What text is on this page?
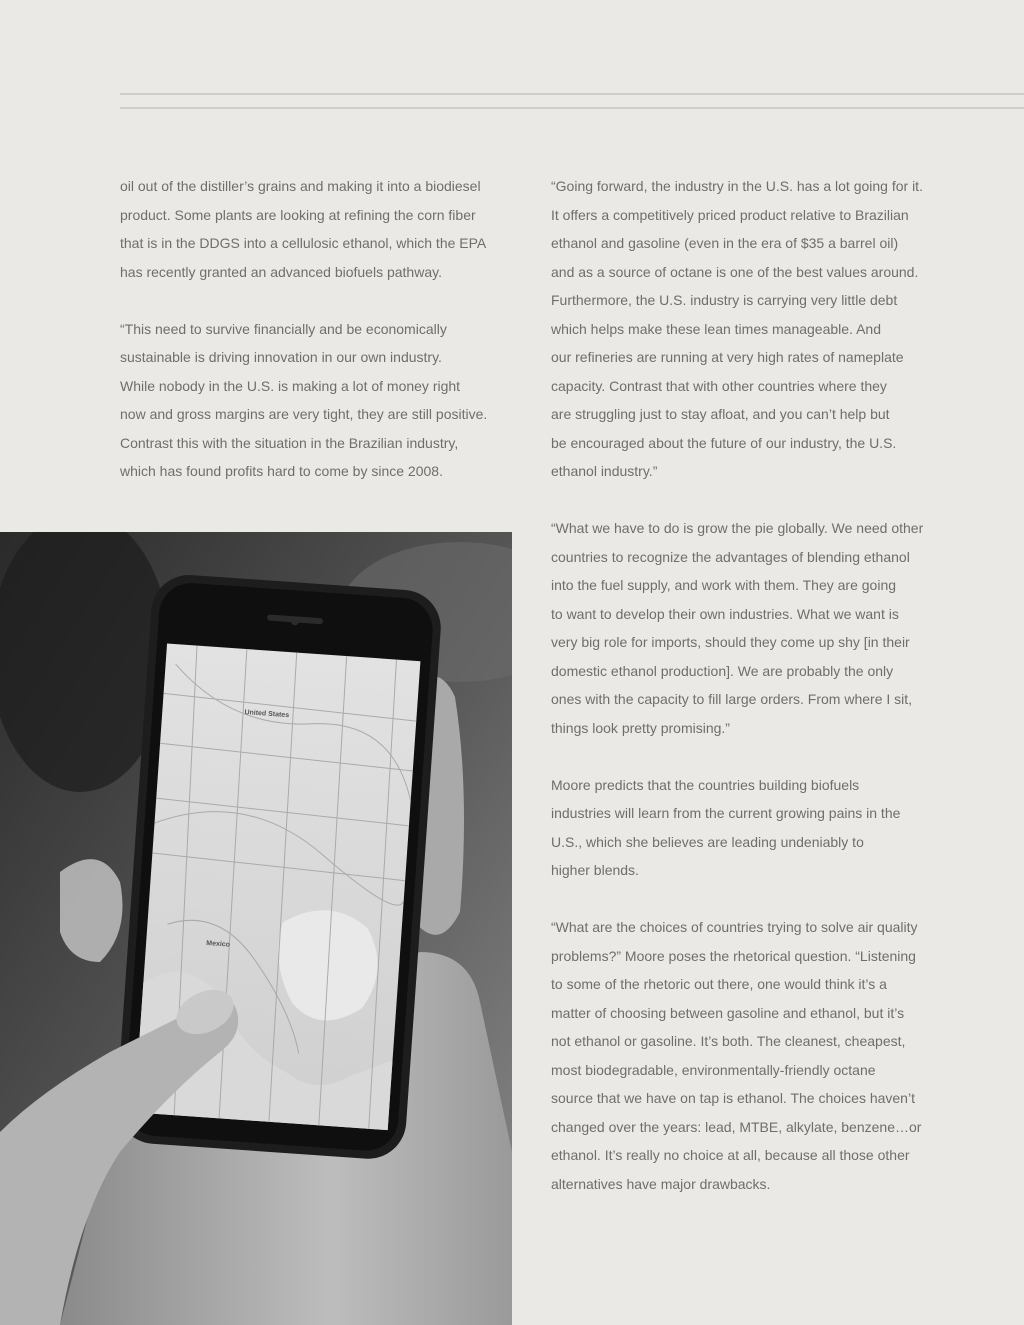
oil out of the distiller’s grains and making it into a biodiesel
product. Some plants are looking at refining the corn fiber
that is in the DDGS into a cellulosic ethanol, which the EPA
has recently granted an advanced biofuels pathway.

“This need to survive financially and be economically
sustainable is driving innovation in our own industry.
While nobody in the U.S. is making a lot of money right
now and gross margins are very tight, they are still positive.
Contrast this with the situation in the Brazilian industry,
which has found profits hard to come by since 2008.

“Going forward, the industry in the U.S. has a lot going for it.
It offers a competitively priced product relative to Brazilian
ethanol and gasoline (even in the era of $35 a barrel oil)
and as a source of octane is one of the best values around.
Furthermore, the U.S. industry is carrying very little debt
which helps make these lean times manageable. And
our refineries are running at very high rates of nameplate
capacity. Contrast that with other countries where they
are struggling just to stay afloat, and you can’t help but
be encouraged about the future of our industry, the U.S.
ethanol industry.”

“What we have to do is grow the pie globally. We need other
countries to recognize the advantages of blending ethanol
into the fuel supply, and work with them. They are going
to want to develop their own industries. What we want is
very big role for imports, should they come up shy [in their
domestic ethanol production]. We are probably the only
ones with the capacity to fill large orders. From where I sit,
things look pretty promising.”

Moore predicts that the countries building biofuels
industries will learn from the current growing pains in the
U.S., which she believes are leading undeniably to
higher blends.

“What are the choices of countries trying to solve air quality
problems?” Moore poses the rhetorical question. “Listening
to some of the rhetoric out there, one would think it’s a
matter of choosing between gasoline and ethanol, but it’s
not ethanol or gasoline. It’s both. The cleanest, cheapest,
most biodegradable, environmentally-friendly octane
source that we have on tap is ethanol. The choices haven’t
changed over the years: lead, MTBE, alkylate, benzene…or
ethanol. It’s really no choice at all, because all those other
alternatives have major drawbacks.

United States
Mexico
